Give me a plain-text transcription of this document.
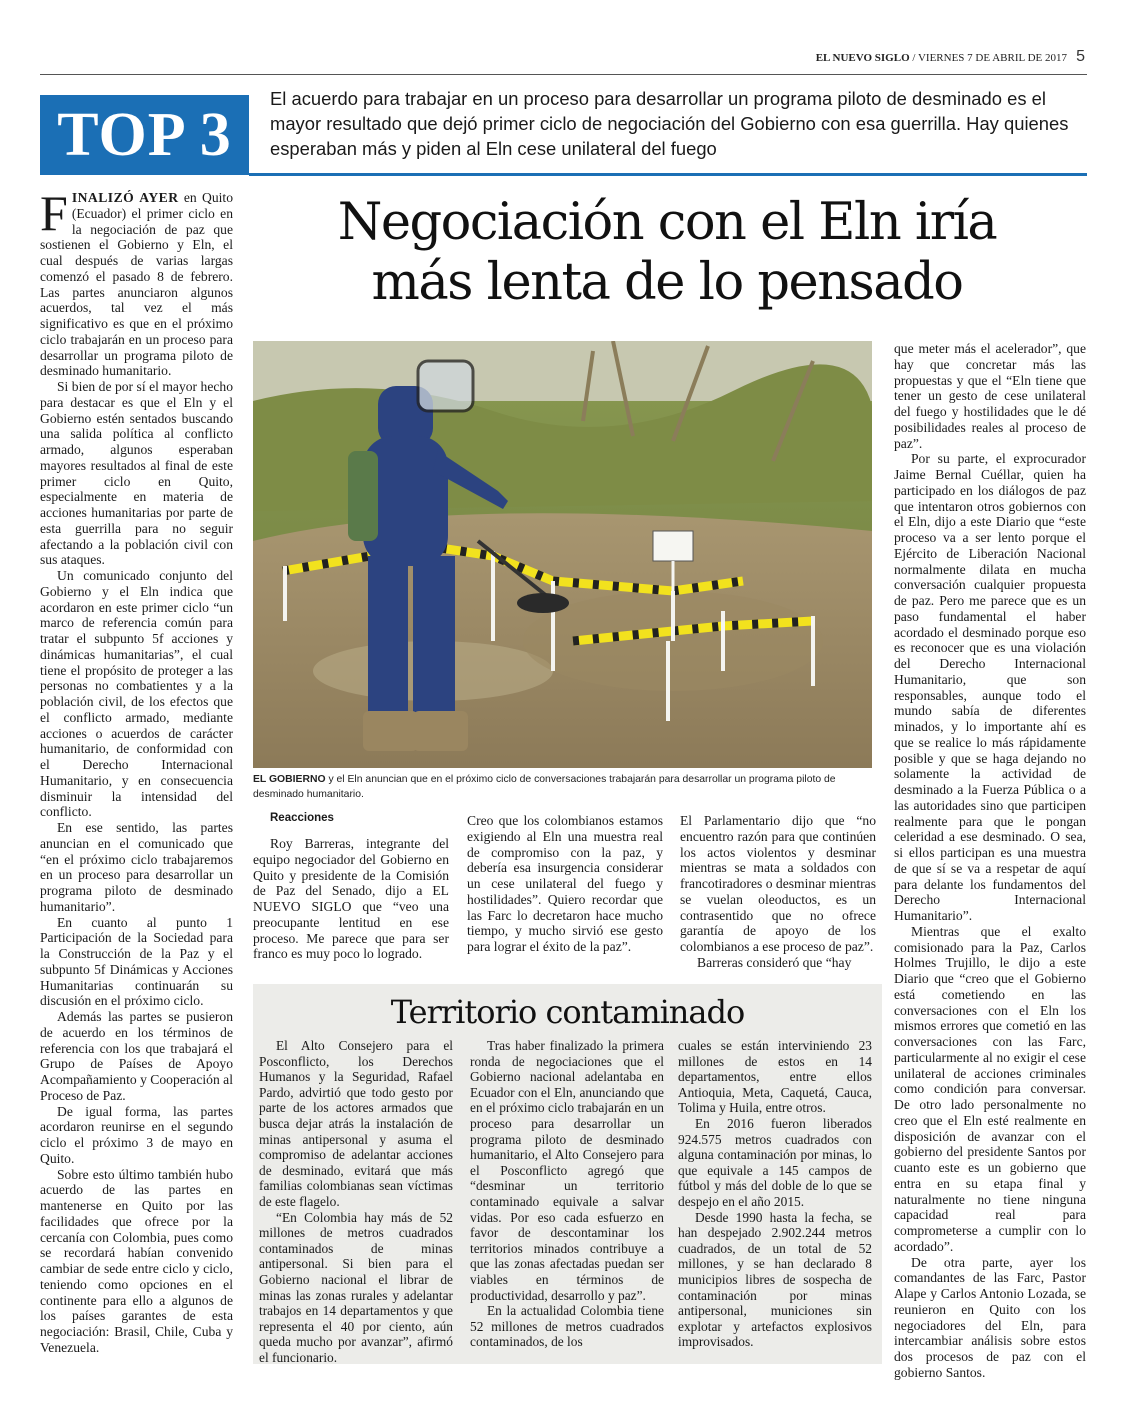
EL NUEVO SIGLO / VIERNES 7 DE ABRIL DE 2017 5
TOP 3
El acuerdo para trabajar en un proceso para desarrollar un programa piloto de desminado es el mayor resultado que dejó primer ciclo de negociación del Gobierno con esa guerrilla. Hay quienes esperaban más y piden al Eln cese unilateral del fuego

FINALIZÓ AYER en Quito (Ecuador) el primer ciclo en la negociación de paz que sostienen el Gobierno y Eln, el cual después de varias largas comenzó el pasado 8 de febrero. Las partes anunciaron algunos acuerdos, tal vez el más significativo es que en el próximo ciclo trabajarán en un proceso para desarrollar un programa piloto de desminado humanitario.

Si bien de por sí el mayor hecho para destacar es que el Eln y el Gobierno estén sentados buscando una salida política al conflicto armado, algunos esperaban mayores resultados al final de este primer ciclo en Quito, especialmente en materia de acciones humanitarias por parte de esta guerrilla para no seguir afectando a la población civil con sus ataques.

Un comunicado conjunto del Gobierno y el Eln indica que acordaron en este primer ciclo “un marco de referencia común para tratar el subpunto 5f acciones y dinámicas humanitarias”, el cual tiene el propósito de proteger a las personas no combatientes y a la población civil, de los efectos que el conflicto armado, mediante acciones o acuerdos de carácter humanitario, de conformidad con el Derecho Internacional Humanitario, y en consecuencia disminuir la intensidad del conflicto.

En ese sentido, las partes anuncian en el comunicado que “en el próximo ciclo trabajaremos en un proceso para desarrollar un programa piloto de desminado humanitario”.

En cuanto al punto 1 Participación de la Sociedad para la Construcción de la Paz y el subpunto 5f Dinámicas y Acciones Humanitarias continuarán su discusión en el próximo ciclo.

Además las partes se pusieron de acuerdo en los términos de referencia con los que trabajará el Grupo de Países de Apoyo Acompañamiento y Cooperación al Proceso de Paz.

De igual forma, las partes acordaron reunirse en el segundo ciclo el próximo 3 de mayo en Quito.

Sobre esto último también hubo acuerdo de las partes en mantenerse en Quito por las facilidades que ofrece por la cercanía con Colombia, pues como se recordará habían convenido cambiar de sede entre ciclo y ciclo, teniendo como opciones en el continente para ello a algunos de los países garantes de esta negociación: Brasil, Chile, Cuba y Venezuela.

Negociación con el Eln iría
más lenta de lo pensado
EL GOBIERNO y el Eln anuncian que en el próximo ciclo de conversaciones trabajarán para desarrollar un programa piloto de desminado humanitario.

Reacciones

Roy Barreras, integrante del equipo negociador del Gobierno en Quito y presidente de la Comisión de Paz del Senado, dijo a EL NUEVO SIGLO que “veo una preocupante lentitud en ese proceso. Me parece que para ser franco es muy poco lo logrado.

Creo que los colombianos estamos exigiendo al Eln una muestra real de compromiso con la paz, y debería esa insurgencia considerar un cese unilateral del fuego y hostilidades”. Quiero recordar que las Farc lo decretaron hace mucho tiempo, y mucho sirvió ese gesto para lograr el éxito de la paz”.

El Parlamentario dijo que “no encuentro razón para que continúen los actos violentos y desminar mientras se mata a soldados con francotiradores o desminar mientras se vuelan oleoductos, es un contrasentido que no ofrece garantía de apoyo de los colombianos a ese proceso de paz”.

Barreras consideró que “hay

que meter más el acelerador”, que hay que concretar más las propuestas y que el “Eln tiene que tener un gesto de cese unilateral del fuego y hostilidades que le dé posibilidades reales al proceso de paz”.

Por su parte, el exprocurador Jaime Bernal Cuéllar, quien ha participado en los diálogos de paz que intentaron otros gobiernos con el Eln, dijo a este Diario que “este proceso va a ser lento porque el Ejército de Liberación Nacional normalmente dilata en mucha conversación cualquier propuesta de paz. Pero me parece que es un paso fundamental el haber acordado el desminado porque eso es reconocer que es una violación del Derecho Internacional Humanitario, que son responsables, aunque todo el mundo sabía de diferentes minados, y lo importante ahí es que se realice lo más rápidamente posible y que se haga dejando no solamente la actividad de desminado a la Fuerza Pública o a las autoridades sino que participen realmente para que le pongan celeridad a ese desminado. O sea, si ellos participan es una muestra de que sí se va a respetar de aquí para delante los fundamentos del Derecho Internacional Humanitario”.

Mientras que el exalto comisionado para la Paz, Carlos Holmes Trujillo, le dijo a este Diario que “creo que el Gobierno está cometiendo en las conversaciones con el Eln los mismos errores que cometió en las conversaciones con las Farc, particularmente al no exigir el cese unilateral de acciones criminales como condición para conversar. De otro lado personalmente no creo que el Eln esté realmente en disposición de avanzar con el gobierno del presidente Santos por cuanto este es un gobierno que entra en su etapa final y naturalmente no tiene ninguna capacidad real para comprometerse a cumplir con lo acordado”.

De otra parte, ayer los comandantes de las Farc, Pastor Alape y Carlos Antonio Lozada, se reunieron en Quito con los negociadores del Eln, para intercambiar análisis sobre estos dos procesos de paz con el gobierno Santos.

Territorio contaminado

El Alto Consejero para el Posconflicto, los Derechos Humanos y la Seguridad, Rafael Pardo, advirtió que todo gesto por parte de los actores armados que busca dejar atrás la instalación de minas antipersonal y asuma el compromiso de adelantar acciones de desminado, evitará que más familias colombianas sean víctimas de este flagelo.

“En Colombia hay más de 52 millones de metros cuadrados contaminados de minas antipersonal. Si bien para el Gobierno nacional el librar de minas las zonas rurales y adelantar trabajos en 14 departamentos y que representa el 40 por ciento, aún queda mucho por avanzar”, afirmó el funcionario.

Tras haber finalizado la primera ronda de negociaciones que el Gobierno nacional adelantaba en Ecuador con el Eln, anunciando que en el próximo ciclo trabajarán en un proceso para desarrollar un programa piloto de desminado humanitario, el Alto Consejero para el Posconflicto agregó que “desminar un territorio contaminado equivale a salvar vidas. Por eso cada esfuerzo en favor de descontaminar los territorios minados contribuye a que las zonas afectadas puedan ser viables en términos de productividad, desarrollo y paz”.

En la actualidad Colombia tiene 52 millones de metros cuadrados contaminados, de los

cuales se están interviniendo 23 millones de estos en 14 departamentos, entre ellos Antioquia, Meta, Caquetá, Cauca, Tolima y Huila, entre otros.

En 2016 fueron liberados 924.575 metros cuadrados con alguna contaminación por minas, lo que equivale a 145 campos de fútbol y más del doble de lo que se despejo en el año 2015.

Desde 1990 hasta la fecha, se han despejado 2.902.244 metros cuadrados, de un total de 52 millones, y se han declarado 8 municipios libres de sospecha de contaminación por minas antipersonal, municiones sin explotar y artefactos explosivos improvisados.
